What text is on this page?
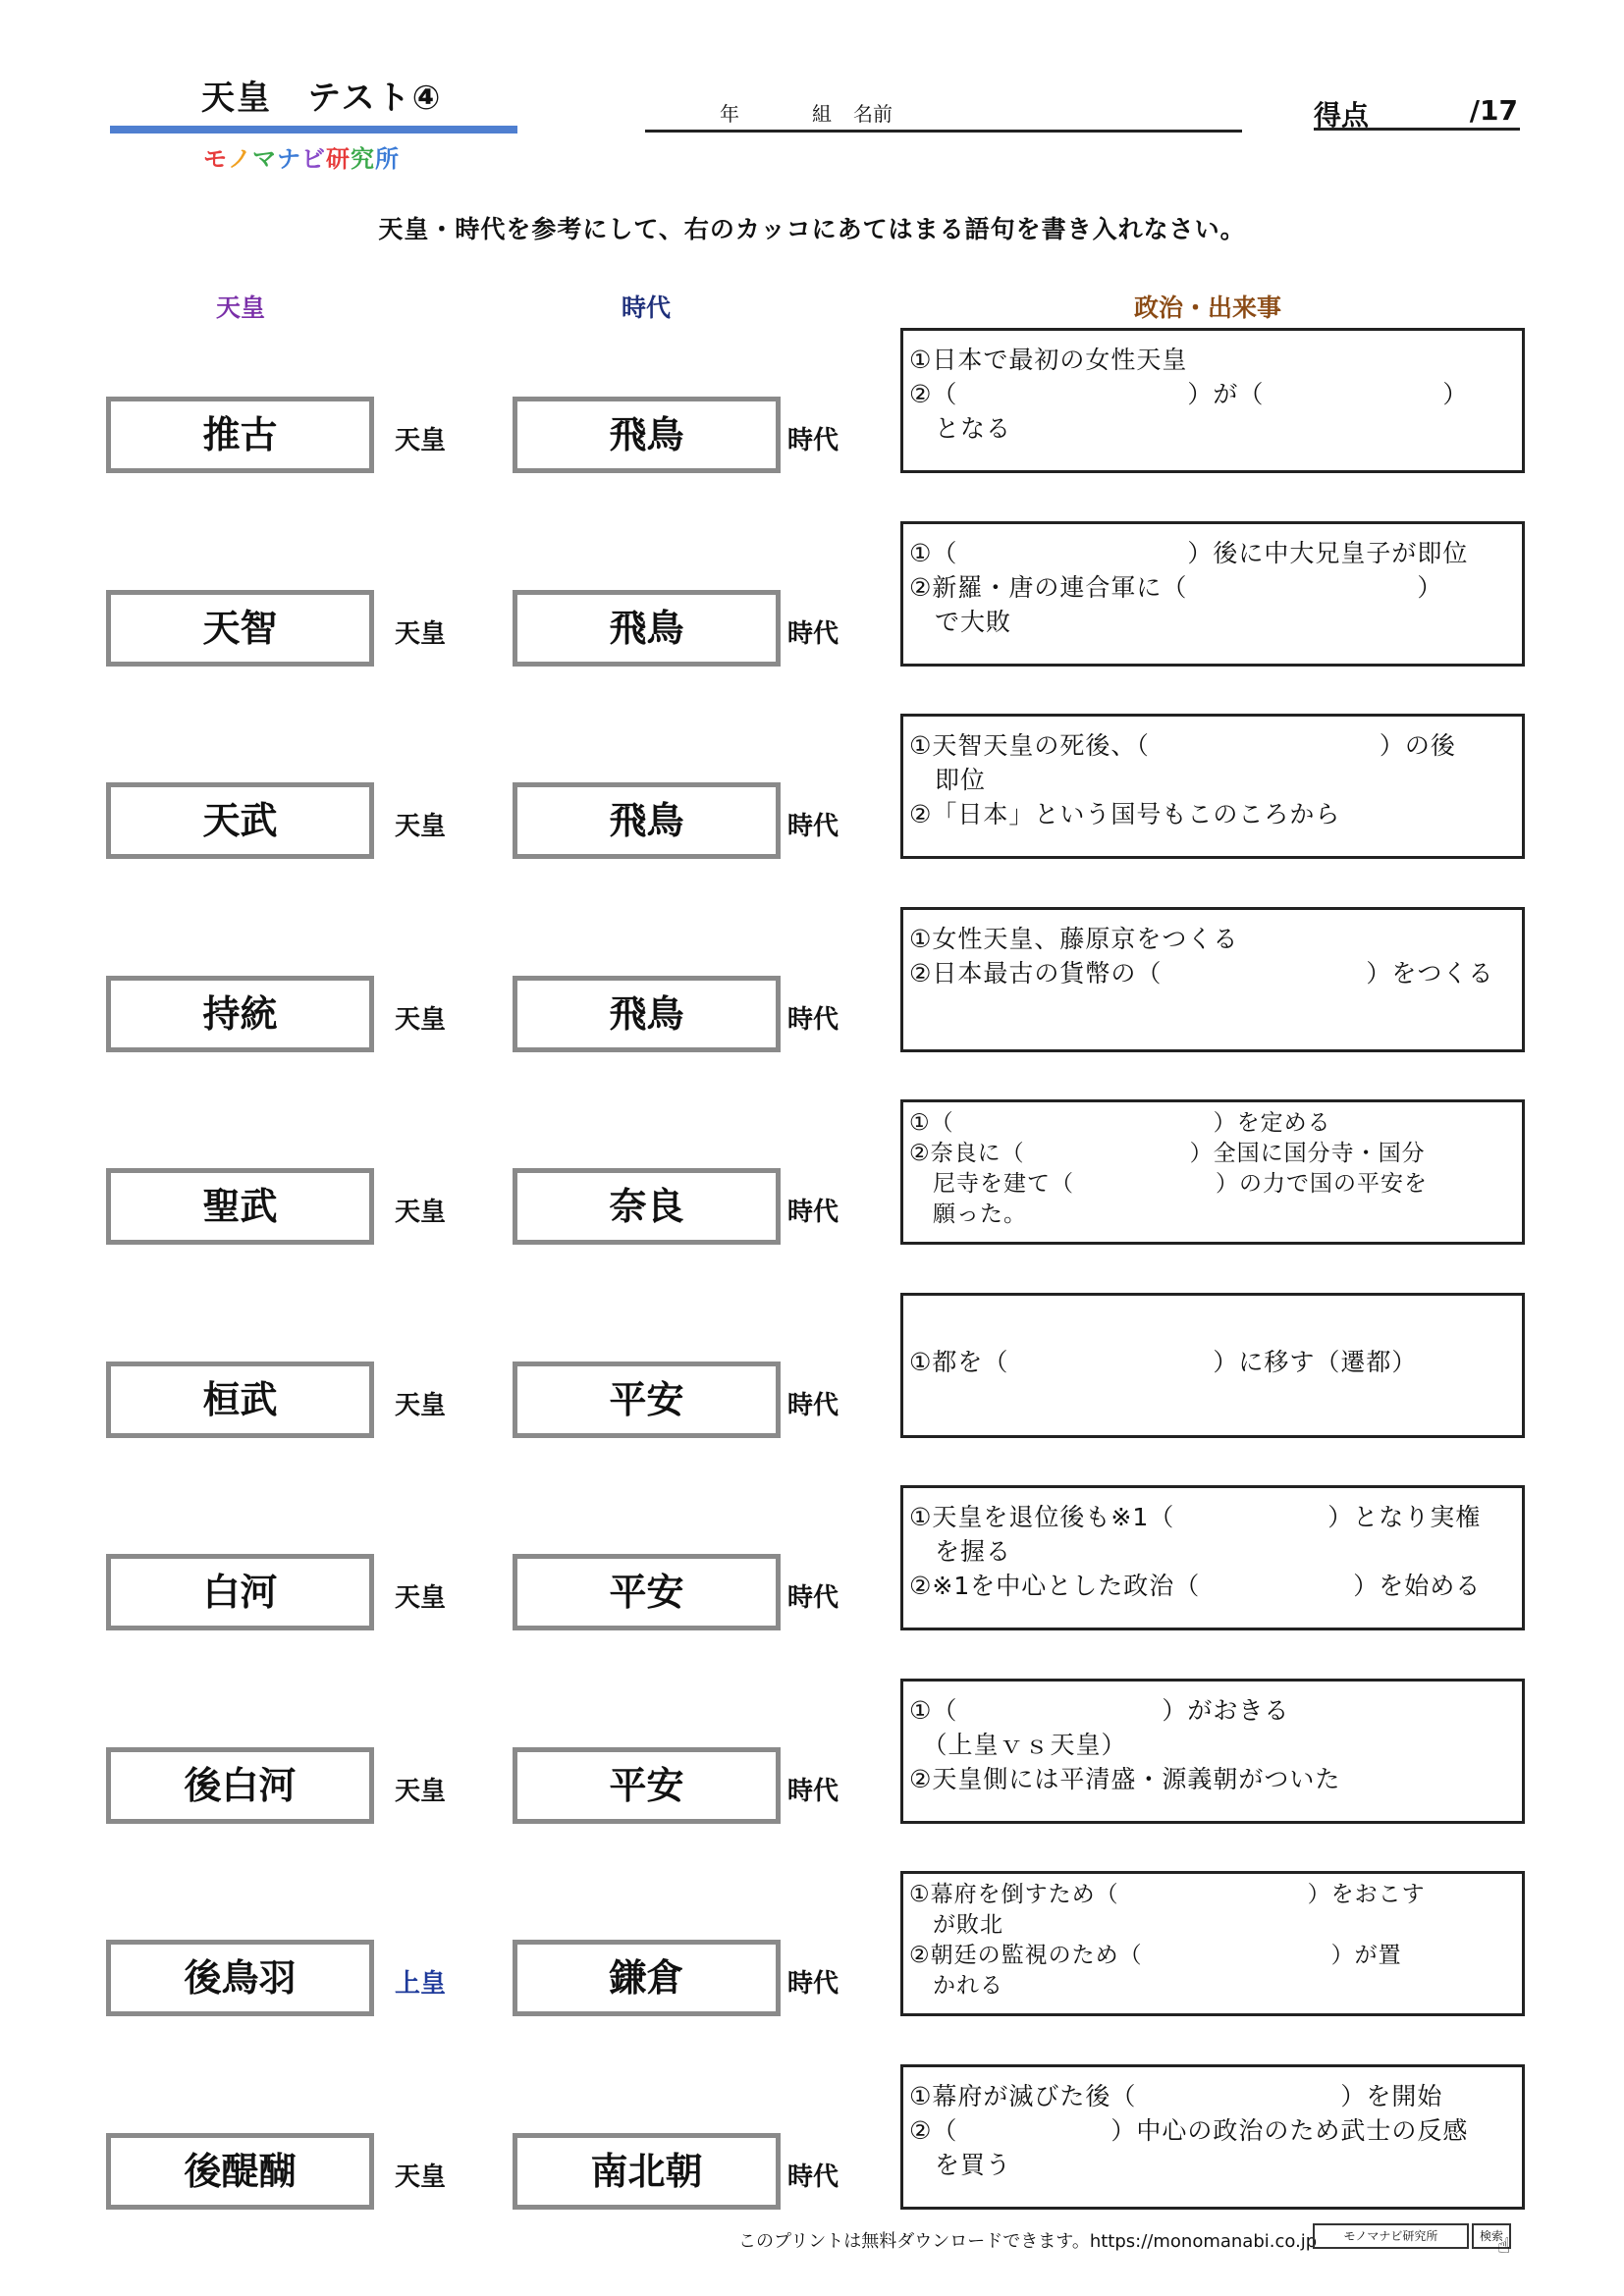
天皇　テスト④
モノマナビ研究所
年	組 名前	得点	/17
天皇・時代を参考にして、右のカッコにあてはまる語句を書き入れなさい。
天皇	時代	政治・出来事
推古	天皇	飛鳥	時代
①日本で最初の女性天皇
②（　　　　　　　　　）が（　　　　　　　）
　となる
天智	天皇	飛鳥	時代
①（　　　　　　　　　）後に中大兄皇子が即位
②新羅・唐の連合軍に（　　　　　　　　　）
　で大敗
天武	天皇	飛鳥	時代
①天智天皇の死後、（　　　　　　　　　）の後
　即位
②「日本」という国号もこのころから
持統	天皇	飛鳥	時代
①女性天皇、藤原京をつくる
②日本最古の貨幣の（　　　　　　　　）をつくる
聖武	天皇	奈良	時代
①（　　　　　　　　　　　）を定める
②奈良に（　　　　　　　）全国に国分寺・国分
　尼寺を建て（　　　　　　）の力で国の平安を
　願った。
桓武	天皇	平安	時代
①都を（　　　　　　　　）に移す（遷都）
白河	天皇	平安	時代
①天皇を退位後も※1（　　　　　　）となり実権
　を握る
②※1を中心とした政治（　　　　　　）を始める
後白河	天皇	平安	時代
①（　　　　　　　　）がおきる
　（上皇ｖｓ天皇）
②天皇側には平清盛・源義朝がついた
後鳥羽	上皇	鎌倉	時代
①幕府を倒すため（　　　　　　　　）をおこす
　が敗北
②朝廷の監視のため（　　　　　　　　）が置
　かれる
後醍醐	天皇	南北朝	時代
①幕府が滅びた後（　　　　　　　　）を開始
②（　　　　　　）中心の政治のため武士の反感
　を買う
このプリントは無料ダウンロードできます。https://monomanabi.co.jp	モノマナビ研究所	検索
☝
